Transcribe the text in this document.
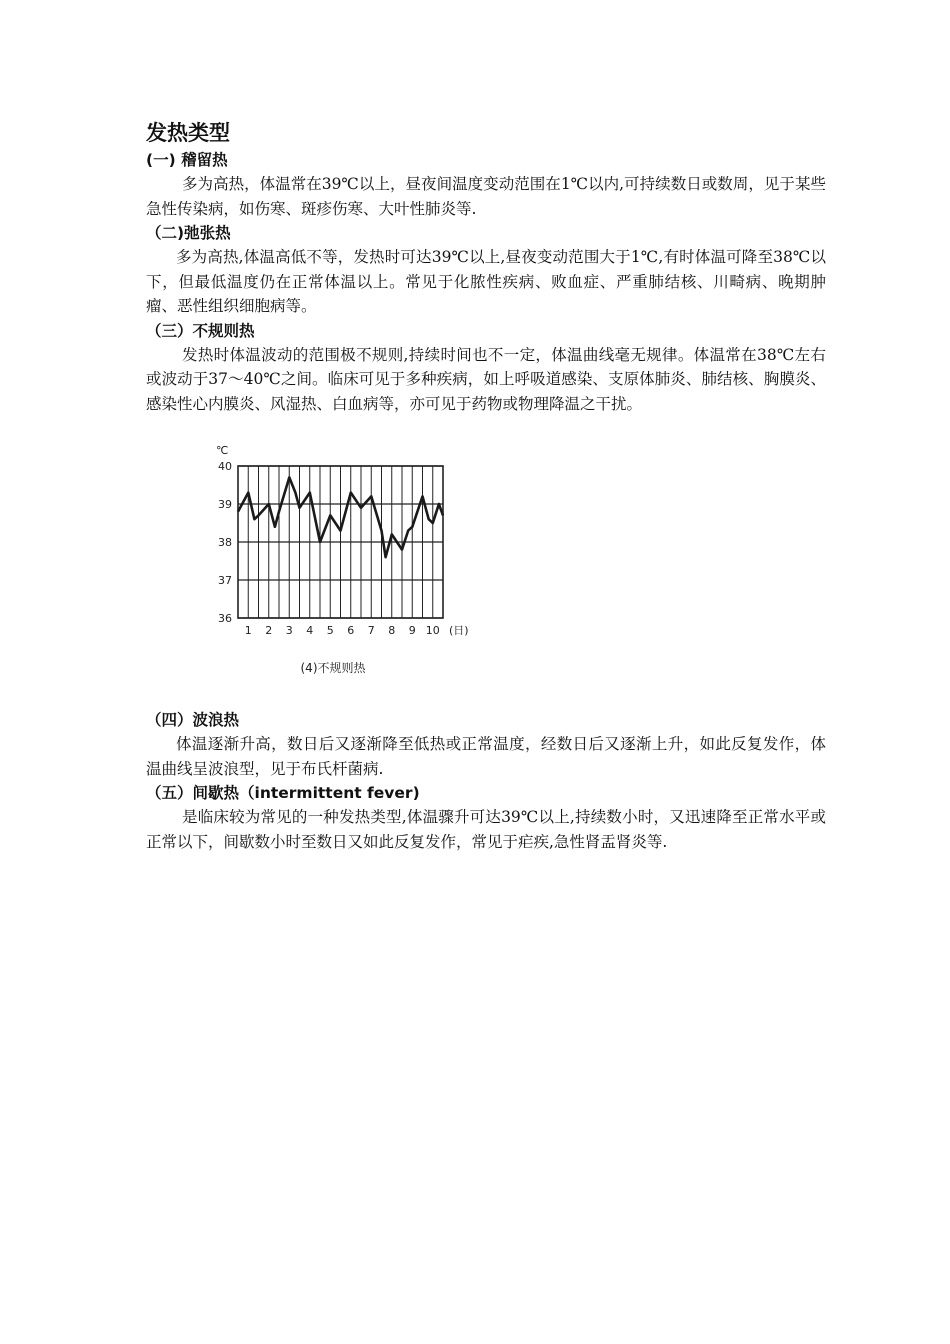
发热类型
(一) 稽留热

多为高热，体温常在39℃以上，昼夜间温度变动范围在1℃以内,可持续数日或数周，见于某些急性传染病，如伤寒、斑疹伤寒、大叶性肺炎等.

（二)弛张热

多为高热,体温高低不等，发热时可达39℃以上,昼夜变动范围大于1℃,有时体温可降至38℃以下，但最低温度仍在正常体温以上。常见于化脓性疾病、败血症、严重肺结核、川畸病、晚期肿瘤、恶性组织细胞病等。

（三）不规则热

发热时体温波动的范围极不规则,持续时间也不一定，体温曲线毫无规律。体温常在38℃左右或波动于37～40℃之间。临床可见于多种疾病，如上呼吸道感染、支原体肺炎、肺结核、胸膜炎、感染性心内膜炎、风湿热、白血病等，亦可见于药物或物理降温之干扰。

40
39
38
37
36
1 2 3 4 5 6 7 8 9 10 (日)
℃
(4)不规则热
（四）波浪热

体温逐渐升高，数日后又逐渐降至低热或正常温度，经数日后又逐渐上升，如此反复发作，体温曲线呈波浪型，见于布氏杆菌病.

（五）间歇热（intermittent fever)

是临床较为常见的一种发热类型,体温骤升可达39℃以上,持续数小时，又迅速降至正常水平或正常以下，间歇数小时至数日又如此反复发作，常见于疟疾,急性肾盂肾炎等.
